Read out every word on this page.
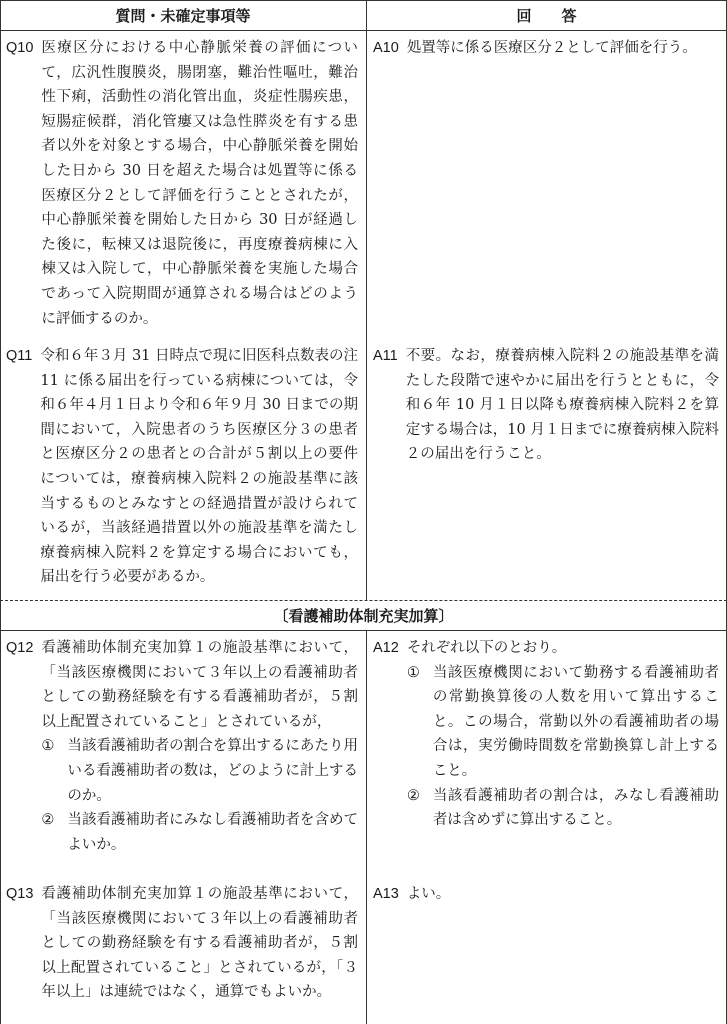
質問・未確定事項等	回　　答
Q10 医療区分における中心静脈栄養の評価について，広汎性腹膜炎，腸閉塞，難治性嘔吐，難治性下痢，活動性の消化管出血，炎症性腸疾患，短腸症候群，消化管瘻又は急性膵炎を有する患者以外を対象とする場合，中心静脈栄養を開始した日から 30 日を超えた場合は処置等に係る医療区分２として評価を行うこととされたが，中心静脈栄養を開始した日から 30 日が経過した後に，転棟又は退院後に，再度療養病棟に入棟又は入院して，中心静脈栄養を実施した場合であって入院期間が通算される場合はどのように評価するのか。
A10 処置等に係る医療区分２として評価を行う。
Q11 令和６年３月 31 日時点で現に旧医科点数表の注 11 に係る届出を行っている病棟については，令和６年４月１日より令和６年９月 30 日までの期間において，入院患者のうち医療区分３の患者と医療区分２の患者との合計が５割以上の要件については，療養病棟入院料２の施設基準に該当するものとみなすとの経過措置が設けられているが，当該経過措置以外の施設基準を満たし療養病棟入院料２を算定する場合においても，届出を行う必要があるか。
A11 不要。なお，療養病棟入院料２の施設基準を満たした段階で速やかに届出を行うとともに，令和６年 10 月１日以降も療養病棟入院料２を算定する場合は，10 月１日までに療養病棟入院料２の届出を行うこと。
〔看護補助体制充実加算〕
Q12 看護補助体制充実加算１の施設基準において，「当該医療機関において３年以上の看護補助者としての勤務経験を有する看護補助者が，５割以上配置されていること」とされているが，
① 当該看護補助者の割合を算出するにあたり用いる看護補助者の数は，どのように計上するのか。
② 当該看護補助者にみなし看護補助者を含めてよいか。
A12 それぞれ以下のとおり。
① 当該医療機関において勤務する看護補助者の常勤換算後の人数を用いて算出すること。この場合，常勤以外の看護補助者の場合は，実労働時間数を常勤換算し計上すること。
② 当該看護補助者の割合は，みなし看護補助者は含めずに算出すること。
Q13 看護補助体制充実加算１の施設基準において，「当該医療機関において３年以上の看護補助者としての勤務経験を有する看護補助者が，５割以上配置されていること」とされているが，「３年以上」は連続ではなく，通算でもよいか。
A13 よい。
